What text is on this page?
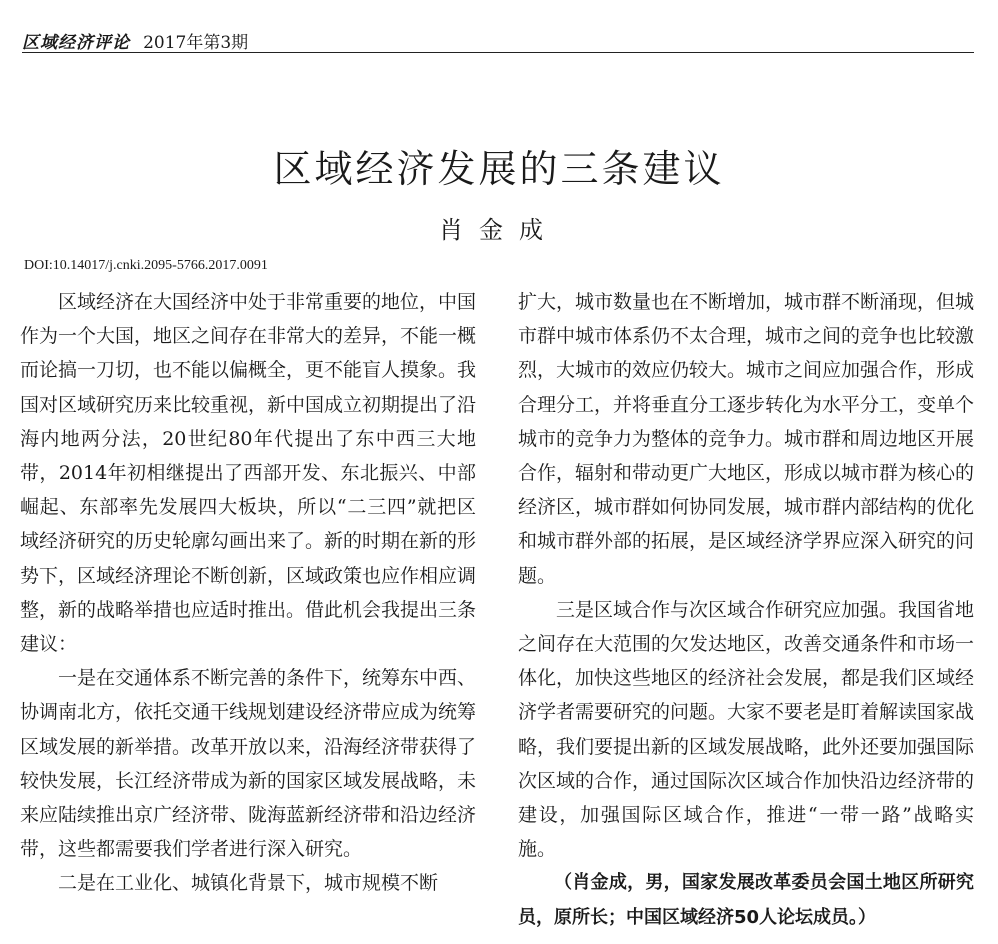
区域经济评论 2017年第3期
区域经济发展的三条建议
肖金成
DOI:10.14017/j.cnki.2095-5766.2017.0091

区域经济在大国经济中处于非常重要的地位，中国作为一个大国，地区之间存在非常大的差异，不能一概而论搞一刀切，也不能以偏概全，更不能盲人摸象。我国对区域研究历来比较重视，新中国成立初期提出了沿海内地两分法，20世纪80年代提出了东中西三大地带，2014年初相继提出了西部开发、东北振兴、中部崛起、东部率先发展四大板块，所以“二三四”就把区域经济研究的历史轮廓勾画出来了。新的时期在新的形势下，区域经济理论不断创新，区域政策也应作相应调整，新的战略举措也应适时推出。借此机会我提出三条建议：

一是在交通体系不断完善的条件下，统筹东中西、协调南北方，依托交通干线规划建设经济带应成为统筹区域发展的新举措。改革开放以来，沿海经济带获得了较快发展，长江经济带成为新的国家区域发展战略，未来应陆续推出京广经济带、陇海蓝新经济带和沿边经济带，这些都需要我们学者进行深入研究。

二是在工业化、城镇化背景下，城市规模不断

扩大，城市数量也在不断增加，城市群不断涌现，但城市群中城市体系仍不太合理，城市之间的竞争也比较激烈，大城市的效应仍较大。城市之间应加强合作，形成合理分工，并将垂直分工逐步转化为水平分工，变单个城市的竞争力为整体的竞争力。城市群和周边地区开展合作，辐射和带动更广大地区，形成以城市群为核心的经济区，城市群如何协同发展，城市群内部结构的优化和城市群外部的拓展，是区域经济学界应深入研究的问题。

三是区域合作与次区域合作研究应加强。我国省地之间存在大范围的欠发达地区，改善交通条件和市场一体化，加快这些地区的经济社会发展，都是我们区域经济学者需要研究的问题。大家不要老是盯着解读国家战略，我们要提出新的区域发展战略，此外还要加强国际次区域的合作，通过国际次区域合作加快沿边经济带的建设，加强国际区域合作，推进“一带一路”战略实施。

（肖金成，男，国家发展改革委员会国土地区所研究员，原所长；中国区域经济50人论坛成员。）
